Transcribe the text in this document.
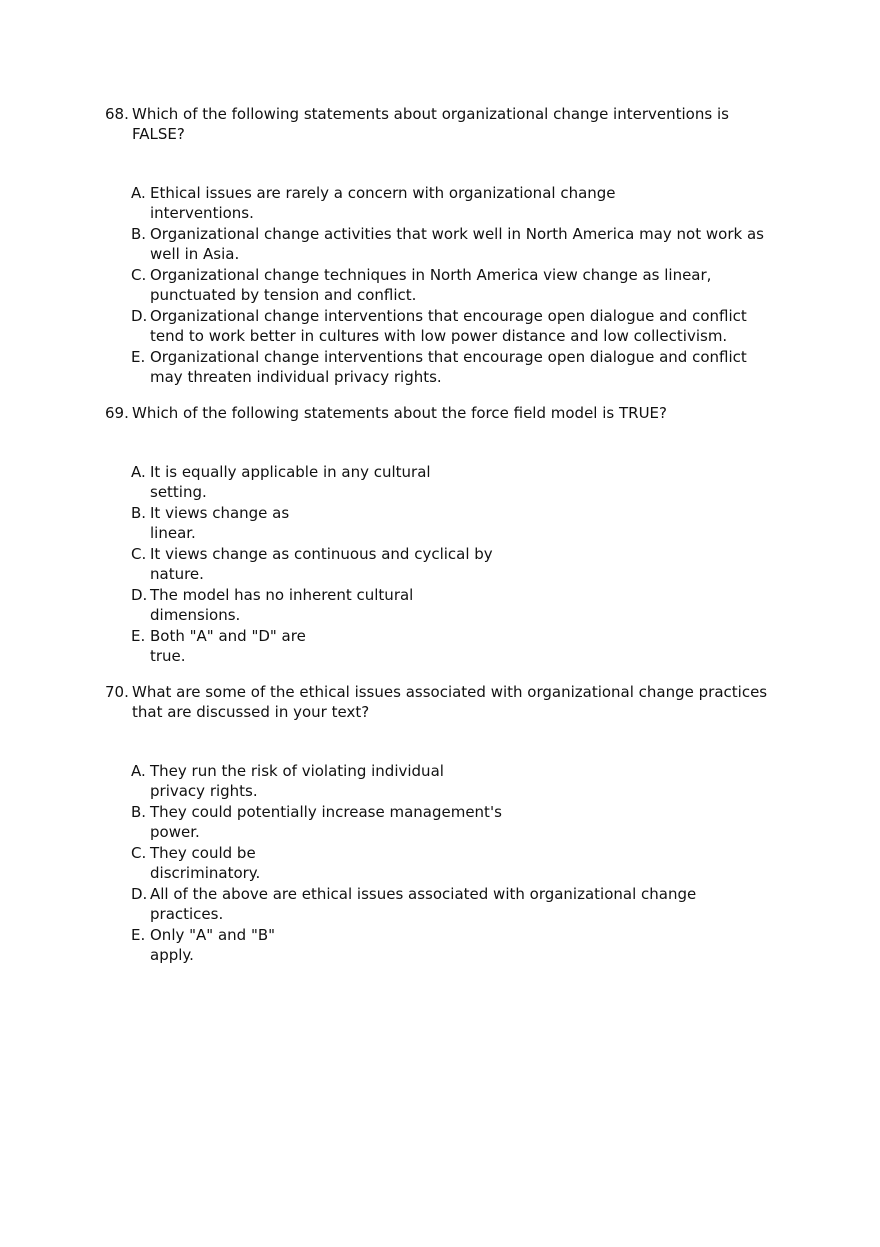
68. Which of the following statements about organizational change interventions is FALSE?
A. Ethical issues are rarely a concern with organizational change interventions.
B. Organizational change activities that work well in North America may not work as well in Asia.
C. Organizational change techniques in North America view change as linear, punctuated by tension and conflict.
D. Organizational change interventions that encourage open dialogue and conflict tend to work better in cultures with low power distance and low collectivism.
E. Organizational change interventions that encourage open dialogue and conflict may threaten individual privacy rights.
69. Which of the following statements about the force field model is TRUE?
A. It is equally applicable in any cultural setting.
B. It views change as linear.
C. It views change as continuous and cyclical by nature.
D. The model has no inherent cultural dimensions.
E. Both "A" and "D" are true.
70. What are some of the ethical issues associated with organizational change practices that are discussed in your text?
A. They run the risk of violating individual privacy rights.
B. They could potentially increase management's power.
C. They could be discriminatory.
D. All of the above are ethical issues associated with organizational change practices.
E. Only "A" and "B" apply.
